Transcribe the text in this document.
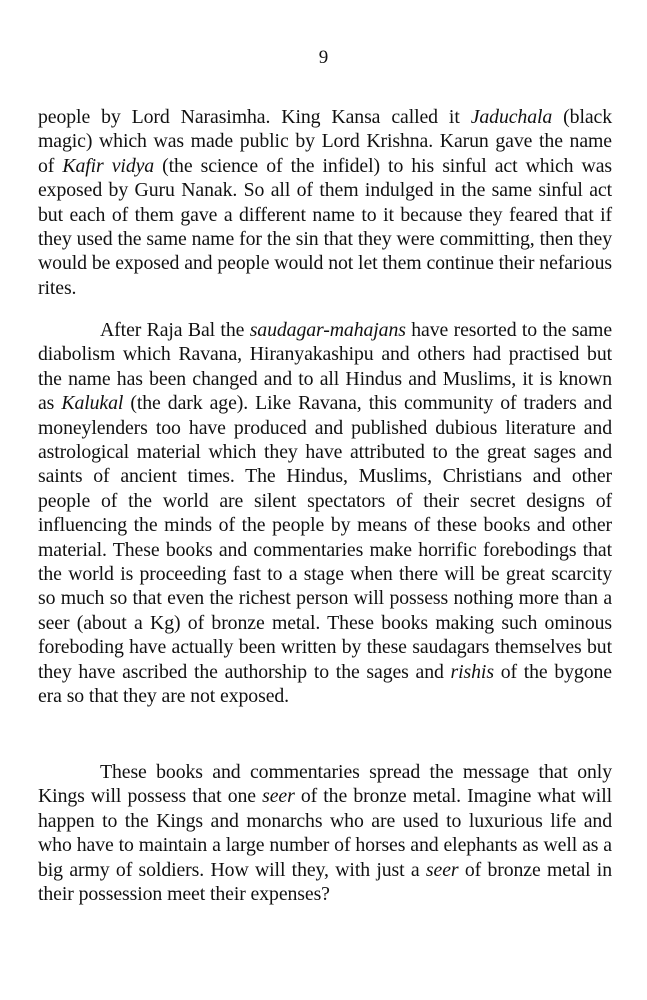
9

people by Lord Narasimha. King Kansa called it Jaduchala (black magic) which was made public by Lord Krishna. Karun gave the name of Kafir vidya (the science of the infidel) to his sinful act which was exposed by Guru Nanak. So all of them indulged in the same sinful act but each of them gave a different name to it because they feared that if they used the same name for the sin that they were committing, then they would be exposed and people would not let them continue their nefarious rites.

After Raja Bal the saudagar-mahajans have resorted to the same diabolism which Ravana, Hiranyakashipu and others had practised but the name has been changed and to all Hindus and Muslims, it is known as Kalukal (the dark age). Like Ravana, this community of traders and moneylenders too have produced and published dubious literature and astrological material which they have attributed to the great sages and saints of ancient times. The Hindus, Muslims, Christians and other people of the world are silent spectators of their secret designs of influencing the minds of the people by means of these books and other material. These books and commentaries make horrific forebodings that the world is proceeding fast to a stage when there will be great scarcity so much so that even the richest person will possess nothing more than a seer (about a Kg) of bronze metal. These books making such ominous foreboding have actually been written by these saudagars themselves but they have ascribed the authorship to the sages and rishis of the bygone era so that they are not exposed.

These books and commentaries spread the message that only Kings will possess that one seer of the bronze metal. Imagine what will happen to the Kings and monarchs who are used to luxurious life and who have to maintain a large number of horses and elephants as well as a big army of soldiers. How will they, with just a seer of bronze metal in their possession meet their expenses?
